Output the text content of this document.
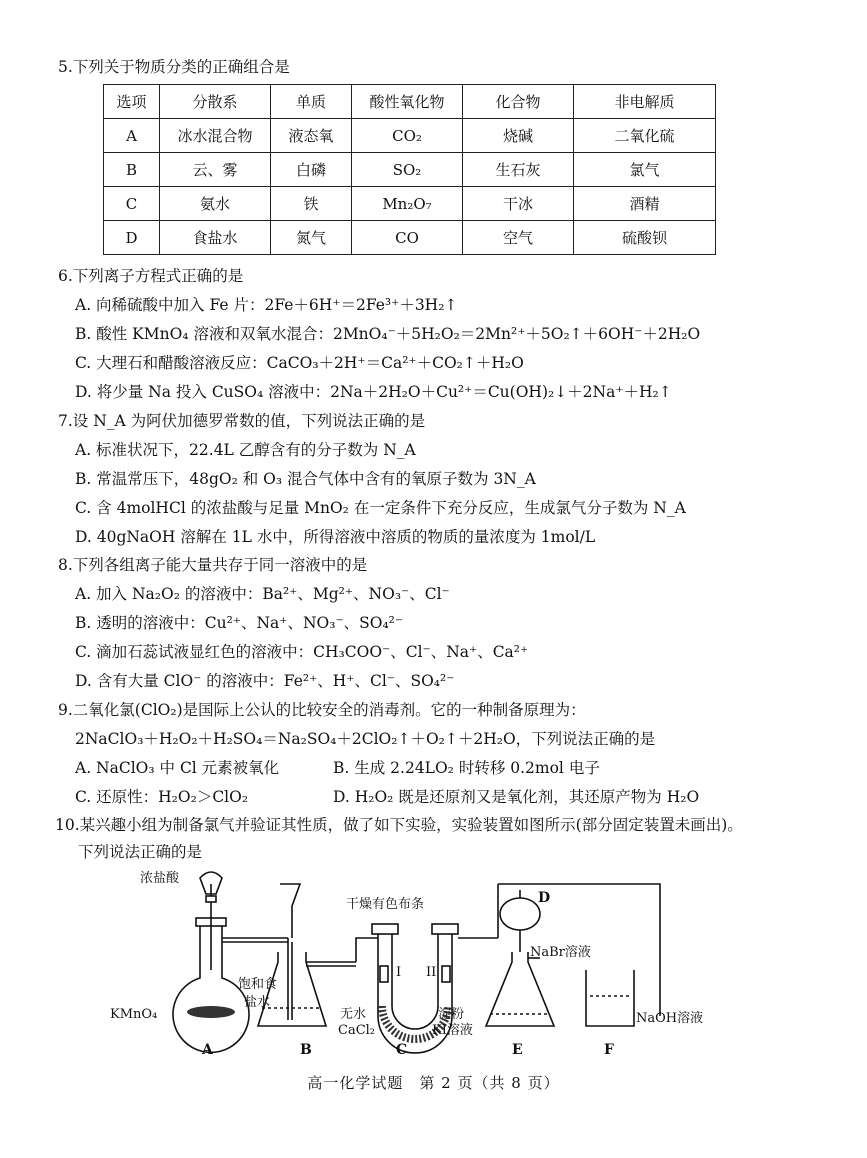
5.下列关于物质分类的正确组合是
选项	分散系	单质	酸性氧化物	化合物	非电解质
A	冰水混合物	液态氧	CO₂	烧碱	二氧化硫
B	云、雾	白磷	SO₂	生石灰	氯气
C	氨水	铁	Mn₂O₇	干冰	酒精
D	食盐水	氮气	CO	空气	硫酸钡
6.下列离子方程式正确的是
A. 向稀硫酸中加入 Fe 片：2Fe＋6H⁺＝2Fe³⁺＋3H₂↑
B. 酸性 KMnO₄ 溶液和双氧水混合：2MnO₄⁻＋5H₂O₂＝2Mn²⁺＋5O₂↑＋6OH⁻＋2H₂O
C. 大理石和醋酸溶液反应：CaCO₃＋2H⁺＝Ca²⁺＋CO₂↑＋H₂O
D. 将少量 Na 投入 CuSO₄ 溶液中：2Na＋2H₂O＋Cu²⁺＝Cu(OH)₂↓＋2Na⁺＋H₂↑
7.设 N_A 为阿伏加德罗常数的值，下列说法正确的是
A. 标准状况下，22.4L 乙醇含有的分子数为 N_A
B. 常温常压下，48gO₂ 和 O₃ 混合气体中含有的氧原子数为 3N_A
C. 含 4molHCl 的浓盐酸与足量 MnO₂ 在一定条件下充分反应，生成氯气分子数为 N_A
D. 40gNaOH 溶解在 1L 水中，所得溶液中溶质的物质的量浓度为 1mol/L
8.下列各组离子能大量共存于同一溶液中的是
A. 加入 Na₂O₂ 的溶液中：Ba²⁺、Mg²⁺、NO₃⁻、Cl⁻
B. 透明的溶液中：Cu²⁺、Na⁺、NO₃⁻、SO₄²⁻
C. 滴加石蕊试液显红色的溶液中：CH₃COO⁻、Cl⁻、Na⁺、Ca²⁺
D. 含有大量 ClO⁻ 的溶液中：Fe²⁺、H⁺、Cl⁻、SO₄²⁻
9.二氧化氯(ClO₂)是国际上公认的比较安全的消毒剂。它的一种制备原理为：
2NaClO₃＋H₂O₂＋H₂SO₄＝Na₂SO₄＋2ClO₂↑＋O₂↑＋2H₂O，下列说法正确的是
A. NaClO₃ 中 Cl 元素被氧化	B. 生成 2.24LO₂ 时转移 0.2mol 电子
C. 还原性：H₂O₂＞ClO₂	D. H₂O₂ 既是还原剂又是氧化剂，其还原产物为 H₂O
10.某兴趣小组为制备氯气并验证其性质，做了如下实验，实验装置如图所示(部分固定装置未画出)。
下列说法正确的是
浓盐酸
KMnO₄
饱和食
盐水
干燥有色布条
无水
CaCl₂
I II
淀粉
KI溶液
D
NaBr溶液
NaOH溶液
A	B	C	E	F
高一化学试题　第 2 页（共 8 页）
